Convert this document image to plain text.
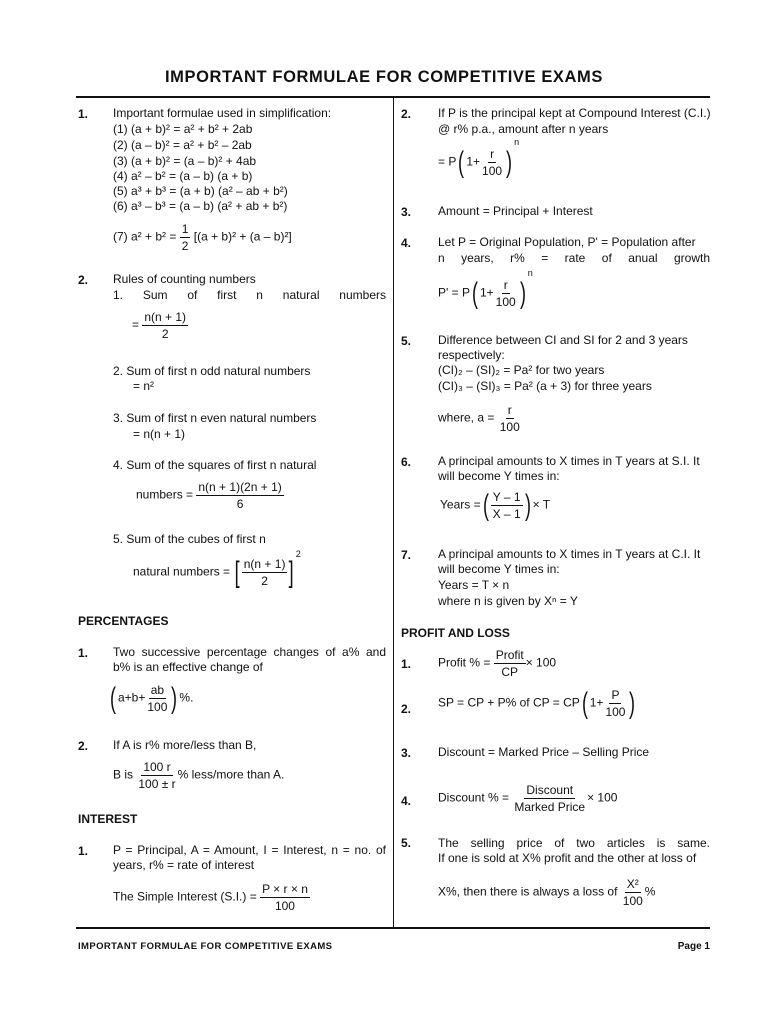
IMPORTANT FORMULAE FOR COMPETITIVE EXAMS
1. Important formulae used in simplification:
(1) (a + b)² = a² + b² + 2ab
(2) (a – b)² = a² + b² – 2ab
(3) (a + b)² = (a – b)² + 4ab
(4) a² – b² = (a – b) (a + b)
(5) a³ + b³ = (a + b) (a² – ab + b²)
(6) a³ – b³ = (a – b) (a² + ab + b²)
(7) $a^2 + b^2 = \frac{1}{2} [(a + b)^2 + (a - b)^2]$
2. Rules of counting numbers
1. Sum of first n natural numbers
= $\frac{n(n + 1)}{2}$
2. Sum of first n odd natural numbers
= n²
3. Sum of first n even natural numbers
= n(n + 1)
4. Sum of the squares of first n natural
numbers = $\frac{n(n + 1)(2n + 1)}{6}$
5. Sum of the cubes of first n
natural numbers = [ $\frac{n(n + 1)}{2} ]^2$
PERCENTAGES
1. Two successive percentage changes of a% and
b% is an effective change of
( $a+b+ \frac{ab}{100}$ ) %.
2. If A is r% more/less than B,
B is $\frac{100 r}{100 \pm r}$ % less/more than A.
INTEREST
1. P = Principal, A = Amount, I = Interest, n = no. of
years, r% = rate of interest
The Simple Interest $(S.I.) = \frac{P \times r \times n}{100}$
2. If P is the principal kept at Compound Interest (C.I.)
@ r% p.a., amount after n years
= P( $1+ \frac{r}{100} )^n$
3. Amount = Principal + Interest
4. Let P = Original Population, P' = Population after
n years, r% = rate of anual growth
P' = P( $1+ \frac{r}{100} )^n$
5. Difference between CI and SI for 2 and 3 years
respectively:
(CI)₂ – (SI)₂ = Pa² for two years
(CI)₃ – (SI)₃ = Pa² (a + 3) for three years
where, $a = \frac{r}{100}$
6. A principal amounts to X times in T years at S.I. It
will become Y times in:
Years =( $\frac{Y - 1}{X - 1}$ ) × T
7. A principal amounts to X times in T years at C.I. It
will become Y times in:
Years = T × n
where n is given by Xⁿ = Y
PROFIT AND LOSS
1. Profit % = $\frac{\text{Profit}}{CP} \times 100$
2. SP = CP + P% of CP = CP( $1+ \frac{P}{100}$ )
3. Discount = Marked Price – Selling Price
4. Discount % = $\frac{\text{Discount}}{\text{Marked Price}} \times 100$
5. The selling price of two articles is same.
If one is sold at X% profit and the other at loss of
X%, then there is always a loss of $\frac{\text{X²}}{100}$ %
IMPORTANT FORMULAE FOR COMPETITIVE EXAMS	Page 1
